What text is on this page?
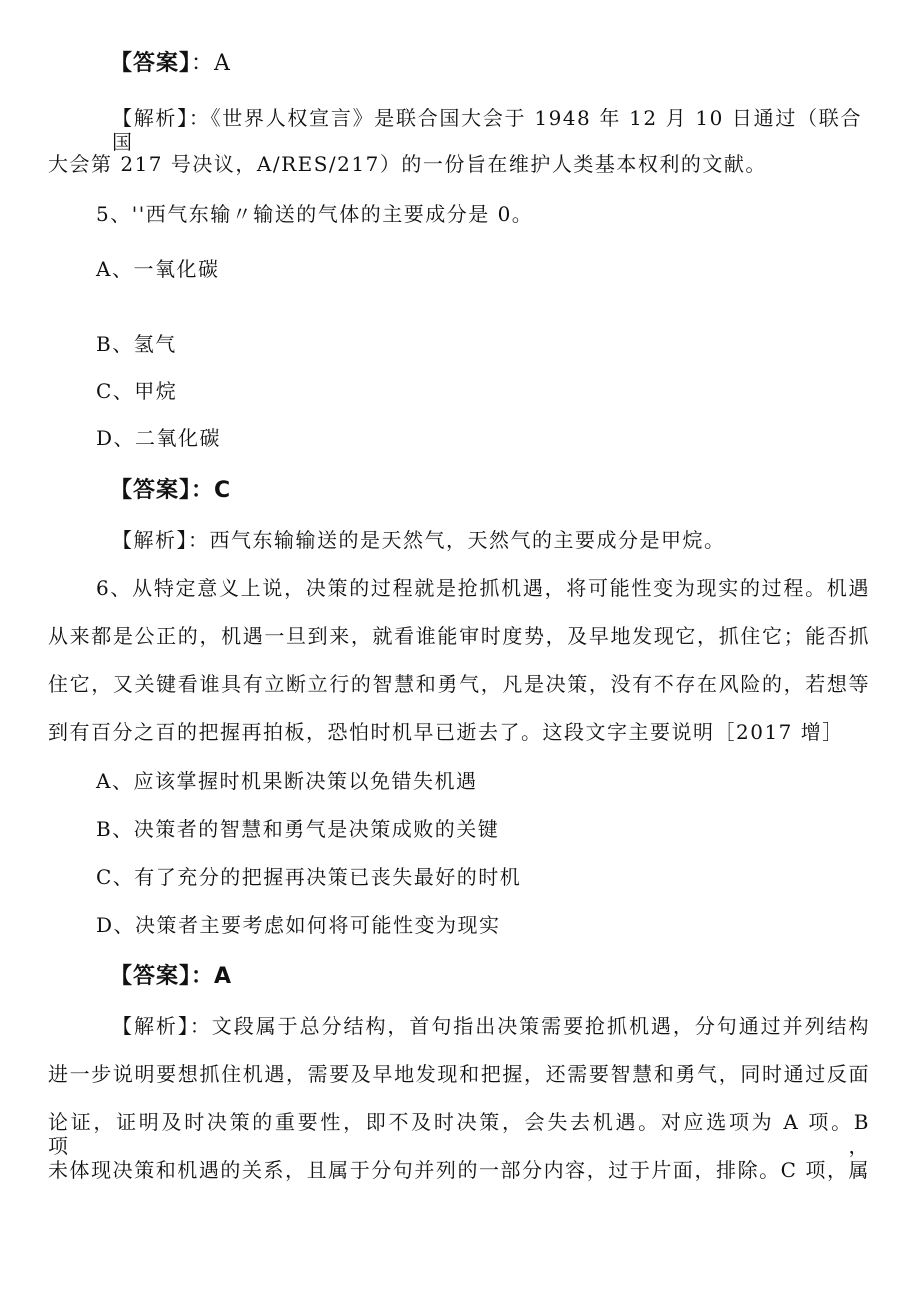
【答案】：A
【解析】：《世界人权宣言》是联合国大会于 1948 年 12 月 10 日通过（联合国
大会第 217 号决议，A/RES/217）的一份旨在维护人类基本权利的文献。
5、''西气东输〃输送的气体的主要成分是 0。
A、一氧化碳
B、氢气
C、甲烷
D、二氧化碳
【答案】：C
【解析】：西气东输输送的是天然气，天然气的主要成分是甲烷。
6、从特定意义上说，决策的过程就是抢抓机遇，将可能性变为现实的过程。机遇
从来都是公正的，机遇一旦到来，就看谁能审时度势，及早地发现它，抓住它；能否抓
住它，又关键看谁具有立断立行的智慧和勇气，凡是决策，没有不存在风险的，若想等
到有百分之百的把握再拍板，恐怕时机早已逝去了。这段文字主要说明［2017 增］
A、应该掌握时机果断决策以免错失机遇
B、决策者的智慧和勇气是决策成败的关键
C、有了充分的把握再决策已丧失最好的时机
D、决策者主要考虑如何将可能性变为现实
【答案】：A
【解析】：文段属于总分结构，首句指出决策需要抢抓机遇，分句通过并列结构
进一步说明要想抓住机遇，需要及早地发现和把握，还需要智慧和勇气，同时通过反面
论证，证明及时决策的重要性，即不及时决策，会失去机遇。对应选项为 A 项。B 项，
未体现决策和机遇的关系，且属于分句并列的一部分内容，过于片面，排除。C 项，属
